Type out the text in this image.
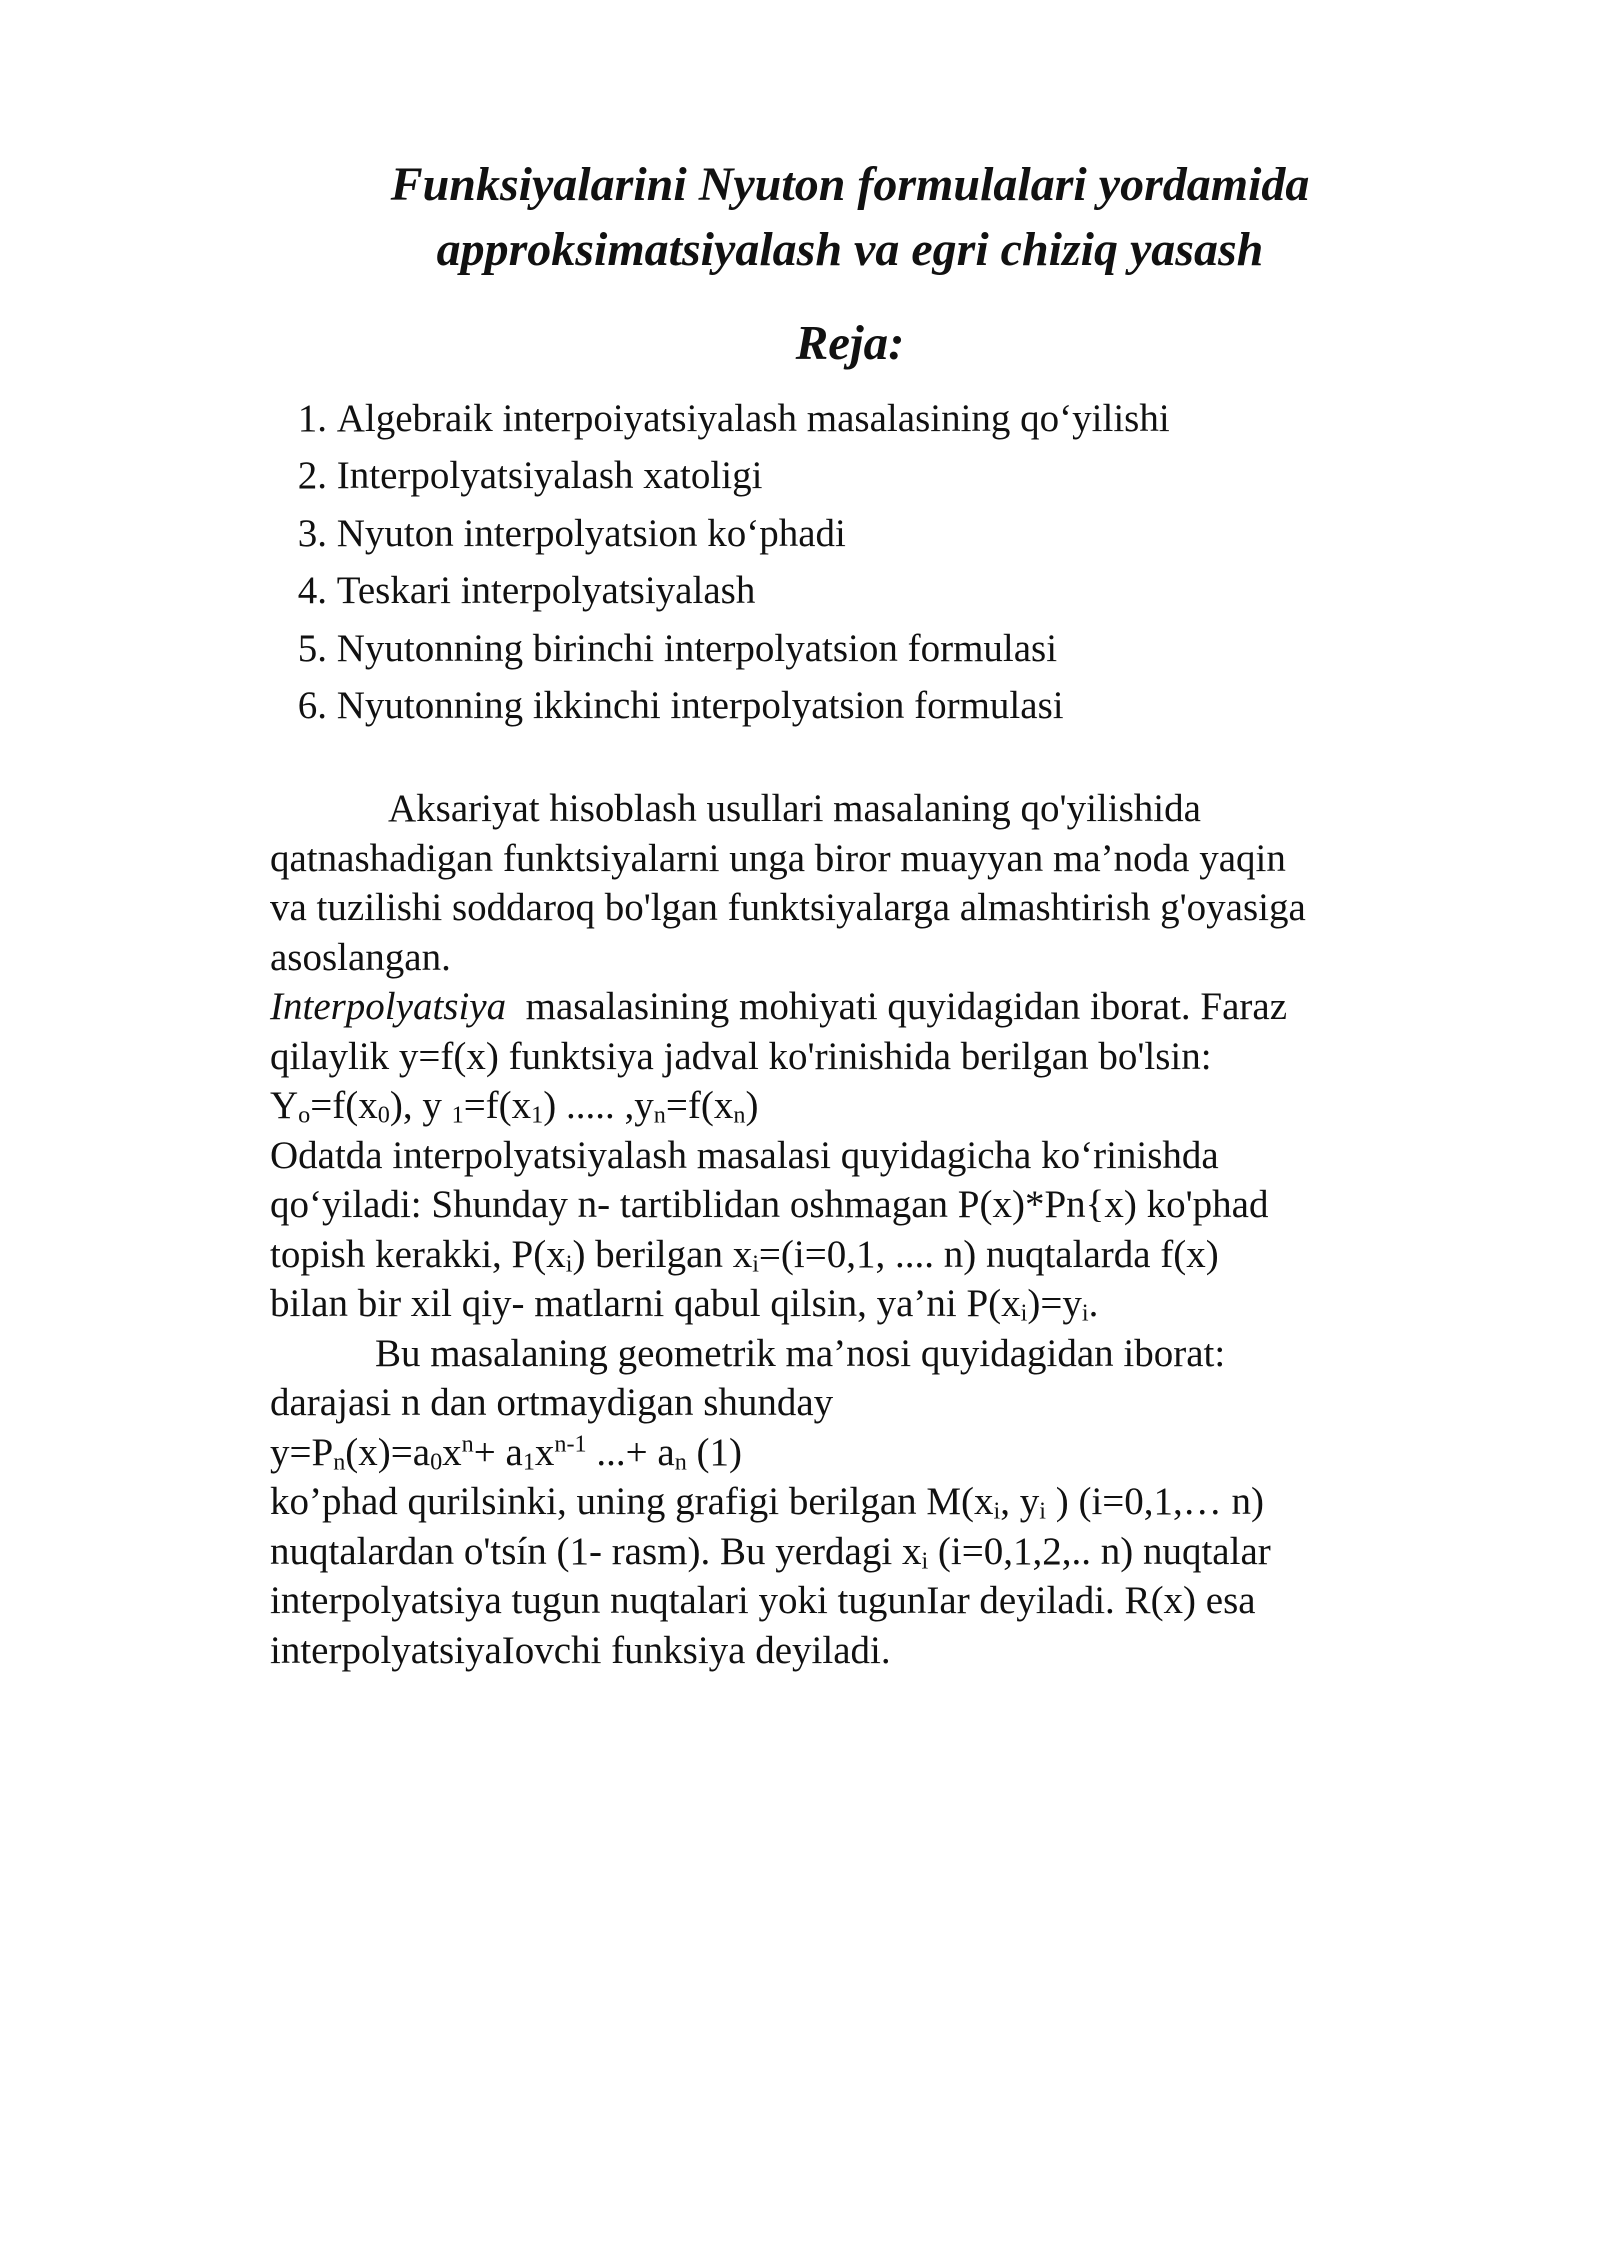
Funksiyalarini Nyuton formulalari yordamida
approksimatsiyalash va egri chiziq yasash
Reja:
1. Algebraik interpoiyatsiyalash masalasining qo‘yilishi
2. Interpolyatsiyalash xatoligi
3. Nyuton interpolyatsion ko‘phadi
4. Teskari interpolyatsiyalash
5. Nyutonning birinchi interpolyatsion formulasi
6. Nyutonning ikkinchi interpolyatsion formulasi
Aksariyat hisoblash usullari masalaning qo'yilishida
qatnashadigan funktsiyalarni unga biror muayyan ma’noda yaqin
va tuzilishi soddaroq bo'lgan funktsiyalarga almashtirish g'oyasiga
asoslangan.
Interpolyatsiya masalasining mohiyati quyidagidan iborat. Faraz
qilaylik y=f(x) funktsiya jadval ko'rinishida berilgan bo'lsin:
$Y_o=f(x_0)$, y $_1=f(x_1)$ ..... $,y_n=f(x_n)$
Odatda interpolyatsiyalash masalasi quyidagicha ko‘rinishda
qo‘yiladi: Shunday n- tartiblidan oshmagan P(x)*Pn{x) ko'phad
topish kerakki, $P(x_i)$ berilgan $x_i=(i=0,1$, .... n) nuqtalarda f(x)
bilan bir xil qiy- matlarni qabul qilsin, ya’ni $P(x_i)=y_i$.
Bu masalaning geometrik ma’nosi quyidagidan iborat:
darajasi n dan ortmaydigan shunday
$y=P_n(x)=a_0x^n+ a_1x^{n-1}$ ...+ $a_n$ (1)
ko’phad qurilsinki, uning grafigi berilgan $M(x_i$, $y_i$ ) (i=0,1,… n)
nuqtalardan o'tsín (1- rasm). Bu yerdagi $x_i$ (i=0,1,2,.. n) nuqtalar
interpolyatsiya tugun nuqtalari yoki tugunIar deyiladi. R(x) esa
interpolyatsiyaIovchi funksiya deyiladi.
